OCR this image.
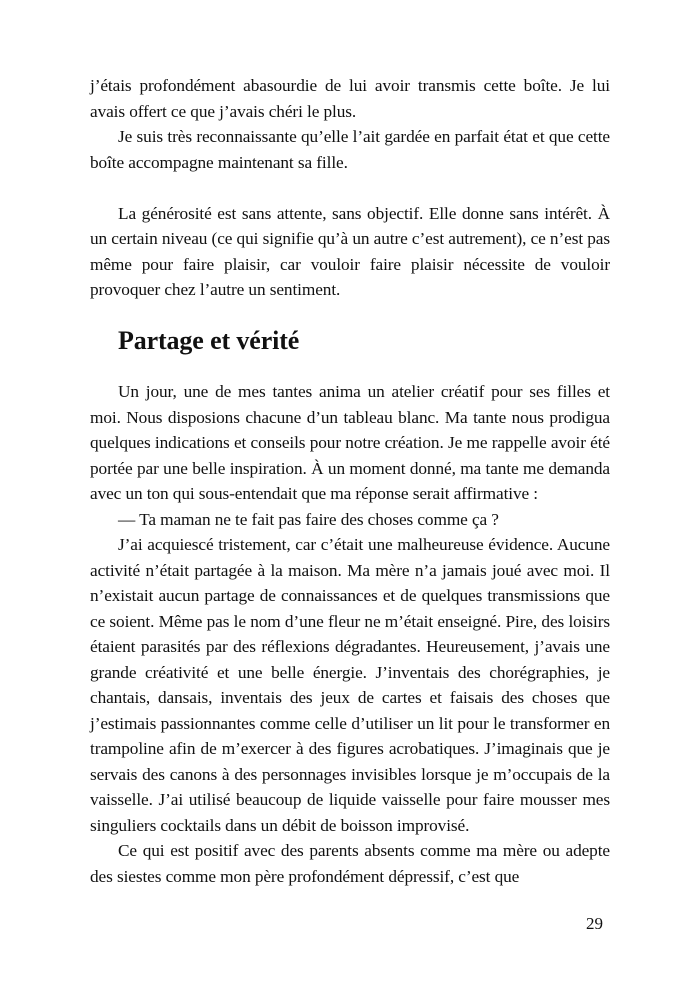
j’étais profondément abasourdie de lui avoir transmis cette boîte. Je lui avais offert ce que j’avais chéri le plus.

Je suis très reconnaissante qu’elle l’ait gardée en parfait état et que cette boîte accompagne maintenant sa fille.

La générosité est sans attente, sans objectif. Elle donne sans intérêt. À un certain niveau (ce qui signifie qu’à un autre c’est autrement), ce n’est pas même pour faire plaisir, car vouloir faire plaisir nécessite de vouloir provoquer chez l’autre un sentiment.

Partage et vérité

Un jour, une de mes tantes anima un atelier créatif pour ses filles et moi. Nous disposions chacune d’un tableau blanc. Ma tante nous prodigua quelques indications et conseils pour notre création. Je me rappelle avoir été portée par une belle inspiration. À un moment donné, ma tante me demanda avec un ton qui sous-entendait que ma réponse serait affirmative :

— Ta maman ne te fait pas faire des choses comme ça ?

J’ai acquiescé tristement, car c’était une malheureuse évidence. Aucune activité n’était partagée à la maison. Ma mère n’a jamais joué avec moi. Il n’existait aucun partage de connaissances et de quelques transmissions que ce soient. Même pas le nom d’une fleur ne m’était enseigné. Pire, des loisirs étaient parasités par des réflexions dégradantes. Heureusement, j’avais une grande créativité et une belle énergie. J’inventais des chorégraphies, je chantais, dansais, inventais des jeux de cartes et faisais des choses que j’estimais passionnantes comme celle d’utiliser un lit pour le transformer en trampoline afin de m’exercer à des figures acrobatiques. J’imaginais que je servais des canons à des personnages invisibles lorsque je m’occupais de la vaisselle. J’ai utilisé beaucoup de liquide vaisselle pour faire mousser mes singuliers cocktails dans un débit de boisson improvisé.

Ce qui est positif avec des parents absents comme ma mère ou adepte des siestes comme mon père profondément dépressif, c’est que

29
